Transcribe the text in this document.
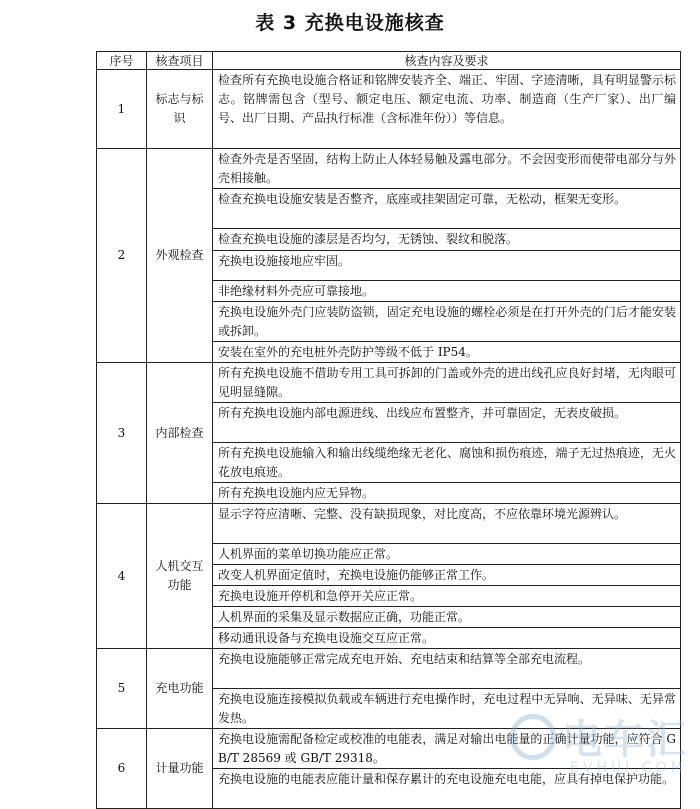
表 3 充换电设施核查
序号	核查项目	核查内容及要求
1	标志与标识	检查所有充换电设施合格证和铭牌安装齐全、端正、牢固、字迹清晰，具有明显警示标志。铭牌需包含（型号、额定电压、额定电流、功率、制造商（生产厂家）、出厂编号、出厂日期、产品执行标准（含标准年份））等信息。
2	外观检查	检查外壳是否坚固，结构上防止人体轻易触及露电部分。不会因变形而使带电部分与外壳相接触。
		检查充换电设施安装是否整齐，底座或挂架固定可靠，无松动，框架无变形。
		检查充换电设施的漆层是否均匀，无锈蚀、裂纹和脱落。
		充换电设施接地应牢固。
		非绝缘材料外壳应可靠接地。
		充换电设施外壳门应装防盗锁，固定充电设施的螺栓必须是在打开外壳的门后才能安装或拆卸。
		安装在室外的充电桩外壳防护等级不低于 IP54。
3	内部检查	所有充换电设施不借助专用工具可拆卸的门盖或外壳的进出线孔应良好封堵，无肉眼可见明显缝隙。
		所有充换电设施内部电源进线、出线应布置整齐，并可靠固定，无表皮破损。
		所有充换电设施输入和输出线缆绝缘无老化、腐蚀和损伤痕迹，端子无过热痕迹，无火花放电痕迹。
		所有充换电设施内应无异物。
4	人机交互功能	显示字符应清晰、完整、没有缺损现象，对比度高，不应依靠环境光源辨认。
		人机界面的菜单切换功能应正常。
		改变人机界面定值时，充换电设施仍能够正常工作。
		充换电设施开停机和急停开关应正常。
		人机界面的采集及显示数据应正确，功能正常。
		移动通讯设备与充换电设施交互应正常。
5	充电功能	充换电设施能够正常完成充电开始、充电结束和结算等全部充电流程。
		充换电设施连接模拟负载或车辆进行充电操作时，充电过程中无异响、无异味、无异常发热。
6	计量功能	充换电设施需配备检定或校准的电能表，满足对输出电能量的正确计量功能，应符合 GB/T 28569 或 GB/T 29318。
		充换电设施的电能表应能计量和保存累计的充电设施充电电能，应具有掉电保护功能。
电车汇
EVHUI.COM
